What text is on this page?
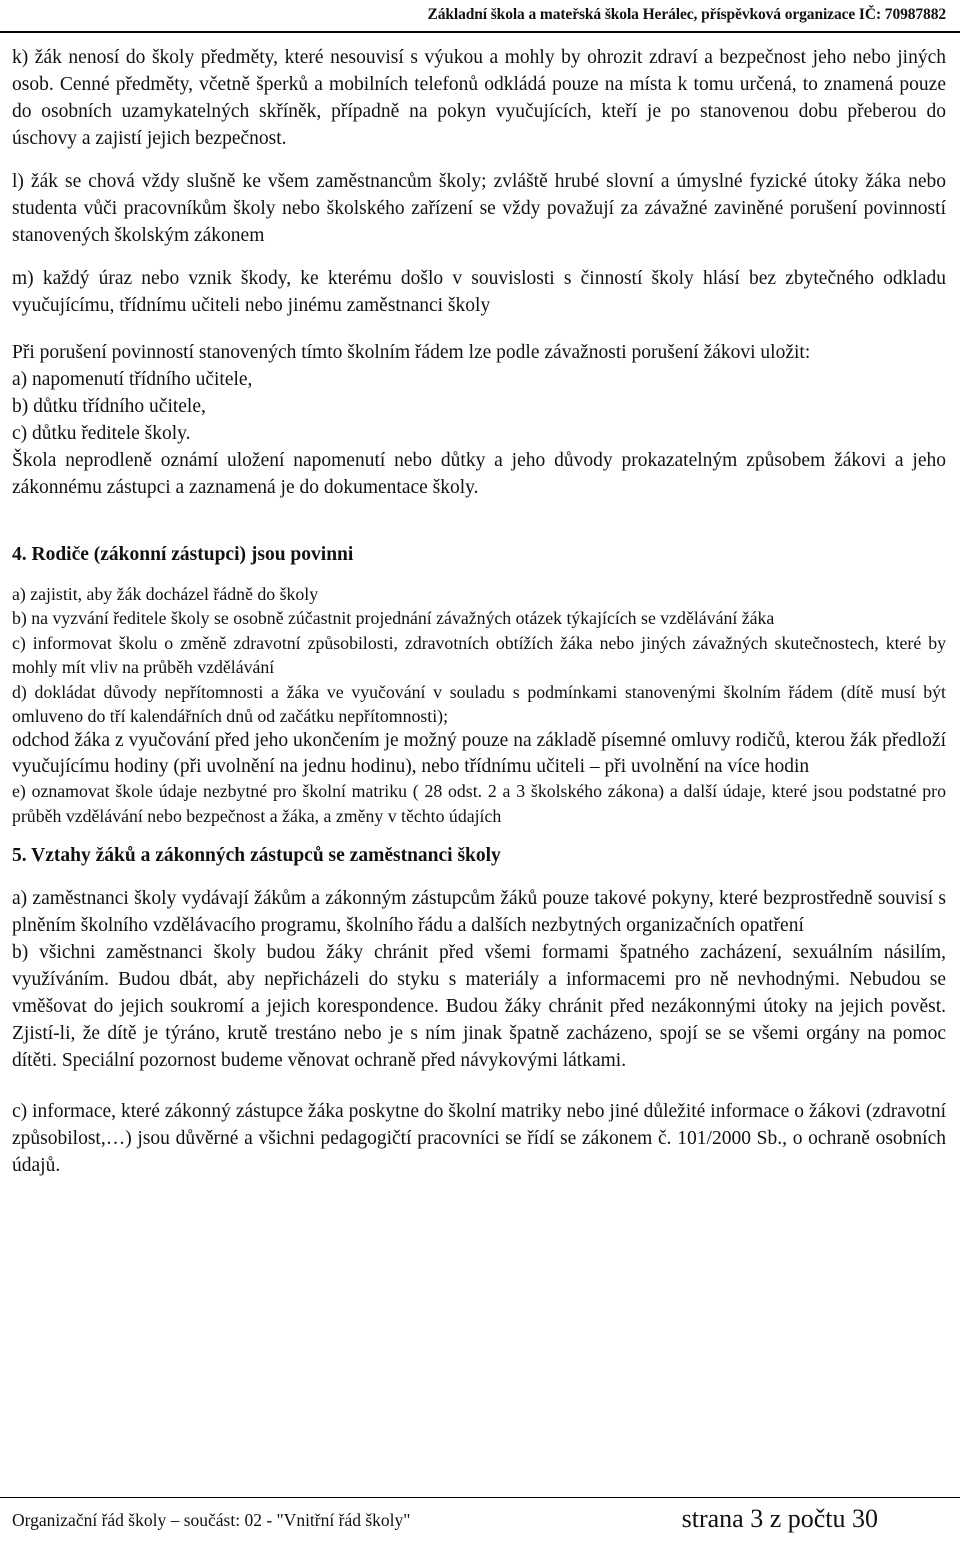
Základní škola a mateřská škola Herálec, příspěvková organizace IČ: 70987882

k) žák nenosí do školy předměty, které nesouvisí s výukou a mohly by ohrozit zdraví a bezpečnost jeho nebo jiných osob. Cenné předměty, včetně šperků a mobilních telefonů odkládá pouze na místa k tomu určená, to znamená pouze do osobních uzamykatelných skříněk, případně na pokyn vyučujících, kteří je po stanovenou dobu přeberou do úschovy a zajistí jejich bezpečnost.

l) žák se chová vždy slušně ke všem zaměstnancům školy; zvláště hrubé slovní a úmyslné fyzické útoky žáka nebo studenta vůči pracovníkům školy nebo školského zařízení se vždy považují za závažné zaviněné porušení povinností stanovených školským zákonem

m) každý úraz nebo vznik škody, ke kterému došlo v souvislosti s činností školy hlásí bez zbytečného odkladu vyučujícímu, třídnímu učiteli nebo jinému zaměstnanci školy

Při porušení povinností stanovených tímto školním řádem lze podle závažnosti porušení žákovi uložit:

a) napomenutí třídního učitele,

b) důtku třídního učitele,

c) důtku ředitele školy.

Škola neprodleně oznámí uložení napomenutí nebo důtky a jeho důvody prokazatelným způsobem žákovi a jeho zákonnému zástupci a zaznamená je do dokumentace školy.

4. Rodiče (zákonní zástupci) jsou povinni

a) zajistit, aby žák docházel řádně do školy

b) na vyzvání ředitele školy se osobně zúčastnit projednání závažných otázek týkajících se vzdělávání žáka

c) informovat školu o změně zdravotní způsobilosti, zdravotních obtížích žáka nebo jiných závažných skutečnostech, které by mohly mít vliv na průběh vzdělávání

d) dokládat důvody nepřítomnosti a žáka ve vyučování v souladu s podmínkami stanovenými školním řádem (dítě musí být omluveno do tří kalendářních dnů od začátku nepřítomnosti);

odchod žáka z vyučování před jeho ukončením je možný pouze na základě písemné omluvy rodičů, kterou žák předloží vyučujícímu hodiny (při uvolnění na jednu hodinu), nebo třídnímu učiteli – při uvolnění na více hodin

e) oznamovat škole údaje nezbytné pro školní matriku ( 28 odst. 2 a 3 školského zákona) a další údaje, které jsou podstatné pro průběh vzdělávání nebo bezpečnost a žáka, a změny v těchto údajích

5. Vztahy žáků a zákonných zástupců se zaměstnanci školy

a) zaměstnanci školy vydávají žákům a zákonným zástupcům žáků pouze takové pokyny, které bezprostředně souvisí s plněním školního vzdělávacího programu, školního řádu a dalších nezbytných organizačních opatření

b) všichni zaměstnanci školy budou žáky chránit před všemi formami špatného zacházení, sexuálním násilím, využíváním. Budou dbát, aby nepřicházeli do styku s materiály a informacemi pro ně nevhodnými. Nebudou se vměšovat do jejich soukromí a jejich korespondence. Budou žáky chránit před nezákonnými útoky na jejich pověst. Zjistí-li, že dítě je týráno, krutě trestáno nebo je s ním jinak špatně zacházeno, spojí se se všemi orgány na pomoc dítěti. Speciální pozornost budeme věnovat ochraně před návykovými látkami.

c) informace, které zákonný zástupce žáka poskytne do školní matriky nebo jiné důležité informace o žákovi (zdravotní způsobilost,…) jsou důvěrné a všichni pedagogičtí pracovníci se řídí se zákonem č. 101/2000 Sb., o ochraně osobních údajů.

Organizační řád školy – součást: 02 - "Vnitřní řád školy"	strana 3 z počtu 30
